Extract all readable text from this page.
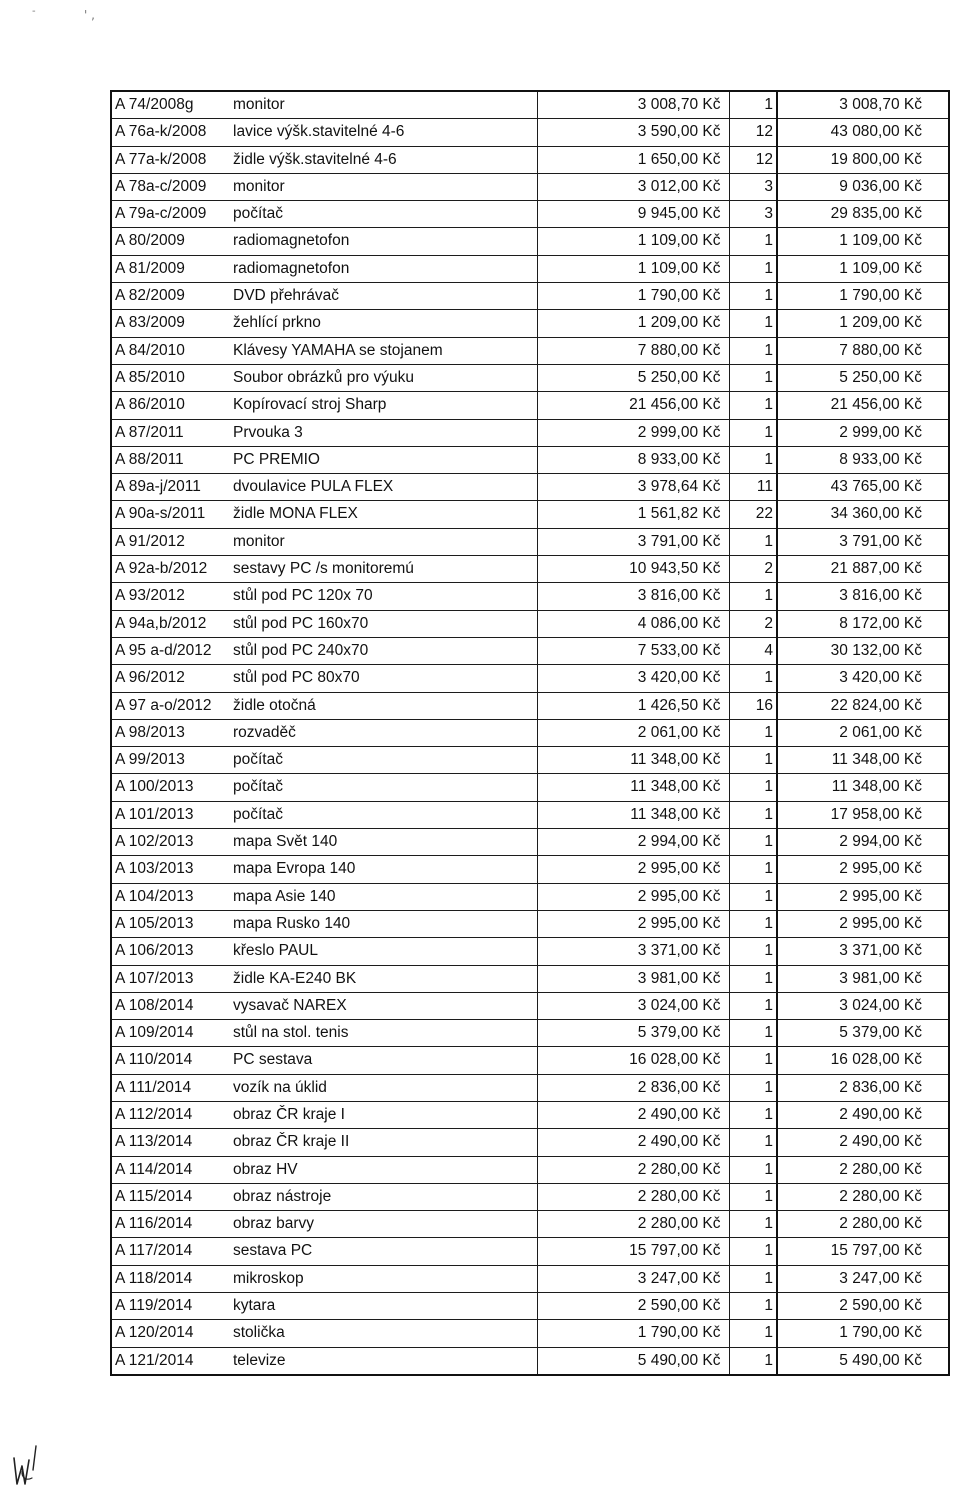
-	' ,
A 74/2008g	monitor	3 008,70 Kč	1	3 008,70 Kč
A 76a-k/2008	lavice výšk.stavitelné 4-6	3 590,00 Kč	12	43 080,00 Kč
A 77a-k/2008	židle výšk.stavitelné 4-6	1 650,00 Kč	12	19 800,00 Kč
A 78a-c/2009	monitor	3 012,00 Kč	3	9 036,00 Kč
A 79a-c/2009	počítač	9 945,00 Kč	3	29 835,00 Kč
A 80/2009	radiomagnetofon	1 109,00 Kč	1	1 109,00 Kč
A 81/2009	radiomagnetofon	1 109,00 Kč	1	1 109,00 Kč
A 82/2009	DVD přehrávač	1 790,00 Kč	1	1 790,00 Kč
A 83/2009	žehlící prkno	1 209,00 Kč	1	1 209,00 Kč
A 84/2010	Klávesy YAMAHA se stojanem	7 880,00 Kč	1	7 880,00 Kč
A 85/2010	Soubor obrázků pro výuku	5 250,00 Kč	1	5 250,00 Kč
A 86/2010	Kopírovací stroj Sharp	21 456,00 Kč	1	21 456,00 Kč
A 87/2011	Prvouka 3	2 999,00 Kč	1	2 999,00 Kč
A 88/2011	PC PREMIO	8 933,00 Kč	1	8 933,00 Kč
A 89a-j/2011	dvoulavice PULA FLEX	3 978,64 Kč	11	43 765,00 Kč
A 90a-s/2011	židle MONA FLEX	1 561,82 Kč	22	34 360,00 Kč
A 91/2012	monitor	3 791,00 Kč	1	3 791,00 Kč
A 92a-b/2012	sestavy PC /s monitoremú	10 943,50 Kč	2	21 887,00 Kč
A 93/2012	stůl pod PC 120x 70	3 816,00 Kč	1	3 816,00 Kč
A 94a,b/2012	stůl pod PC 160x70	4 086,00 Kč	2	8 172,00 Kč
A 95 a-d/2012	stůl pod PC 240x70	7 533,00 Kč	4	30 132,00 Kč
A 96/2012	stůl pod PC 80x70	3 420,00 Kč	1	3 420,00 Kč
A 97 a-o/2012	židle otočná	1 426,50 Kč	16	22 824,00 Kč
A 98/2013	rozvaděč	2 061,00 Kč	1	2 061,00 Kč
A 99/2013	počítač	11 348,00 Kč	1	11 348,00 Kč
A 100/2013	počítač	11 348,00 Kč	1	11 348,00 Kč
A 101/2013	počítač	11 348,00 Kč	1	17 958,00 Kč
A 102/2013	mapa Svět 140	2 994,00 Kč	1	2 994,00 Kč
A 103/2013	mapa Evropa 140	2 995,00 Kč	1	2 995,00 Kč
A 104/2013	mapa Asie 140	2 995,00 Kč	1	2 995,00 Kč
A 105/2013	mapa Rusko 140	2 995,00 Kč	1	2 995,00 Kč
A 106/2013	křeslo PAUL	3 371,00 Kč	1	3 371,00 Kč
A 107/2013	židle KA-E240 BK	3 981,00 Kč	1	3 981,00 Kč
A 108/2014	vysavač NAREX	3 024,00 Kč	1	3 024,00 Kč
A 109/2014	stůl na stol. tenis	5 379,00 Kč	1	5 379,00 Kč
A 110/2014	PC sestava	16 028,00 Kč	1	16 028,00 Kč
A 111/2014	vozík na úklid	2 836,00 Kč	1	2 836,00 Kč
A 112/2014	obraz ČR kraje I	2 490,00 Kč	1	2 490,00 Kč
A 113/2014	obraz ČR kraje II	2 490,00 Kč	1	2 490,00 Kč
A 114/2014	obraz HV	2 280,00 Kč	1	2 280,00 Kč
A 115/2014	obraz nástroje	2 280,00 Kč	1	2 280,00 Kč
A 116/2014	obraz barvy	2 280,00 Kč	1	2 280,00 Kč
A 117/2014	sestava PC	15 797,00 Kč	1	15 797,00 Kč
A 118/2014	mikroskop	3 247,00 Kč	1	3 247,00 Kč
A 119/2014	kytara	2 590,00 Kč	1	2 590,00 Kč
A 120/2014	stolička	1 790,00 Kč	1	1 790,00 Kč
A 121/2014	televize	5 490,00 Kč	1	5 490,00 Kč
